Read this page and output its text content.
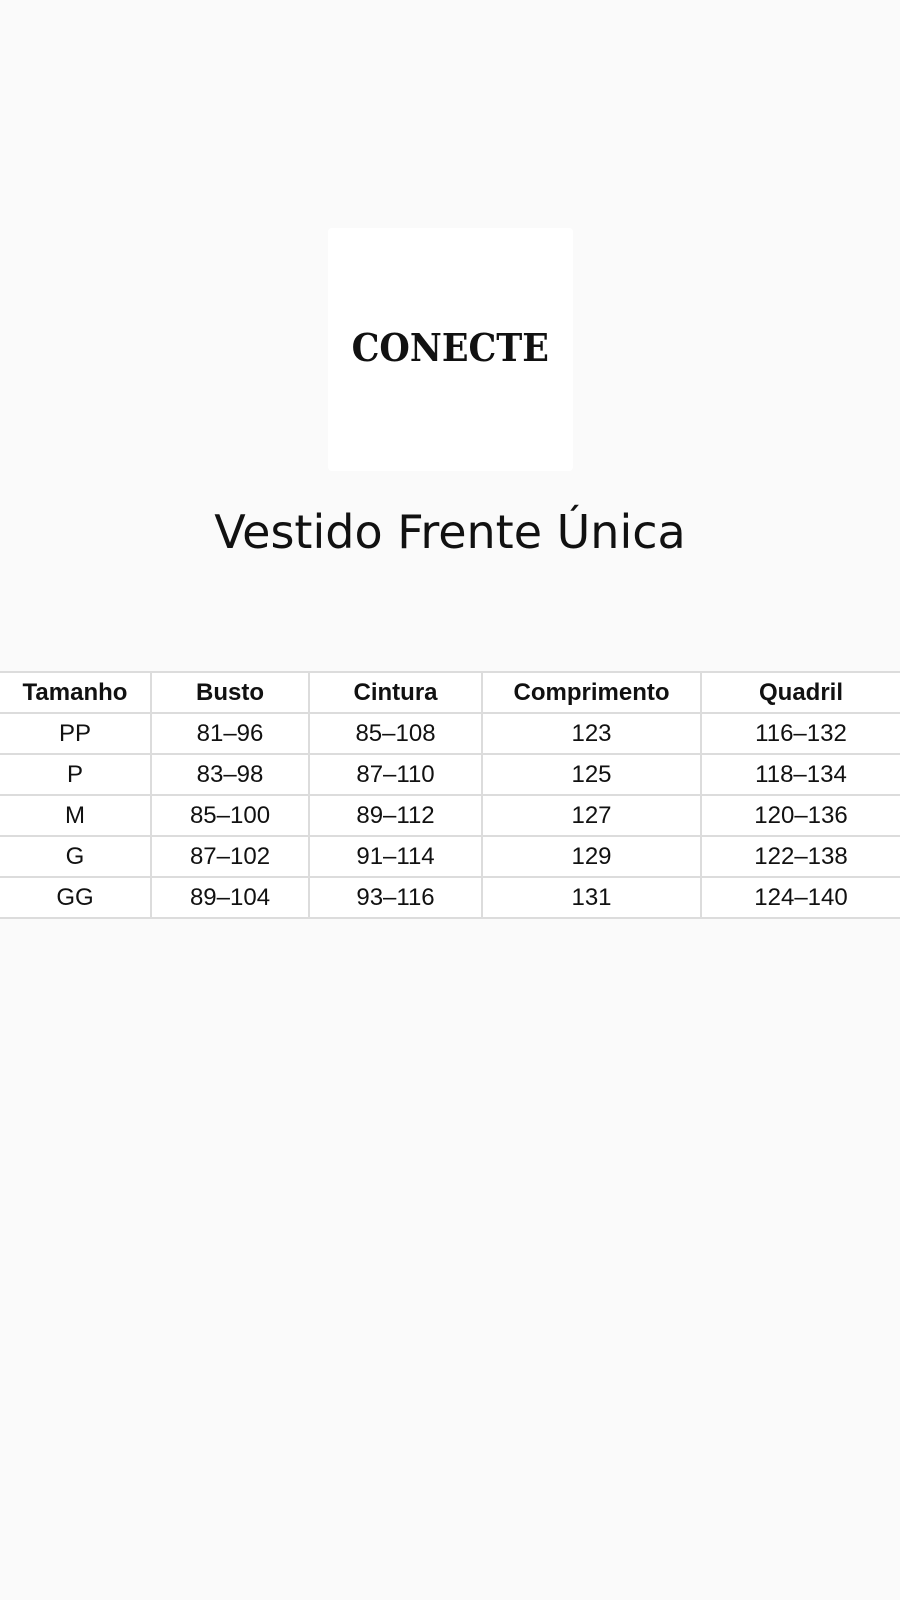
CONECTE
Vestido Frente Única
Tamanho	Busto	Cintura	Comprimento	Quadril
PP	81–96	85–108	123	116–132
P	83–98	87–110	125	118–134
M	85–100	89–112	127	120–136
G	87–102	91–114	129	122–138
GG	89–104	93–116	131	124–140
